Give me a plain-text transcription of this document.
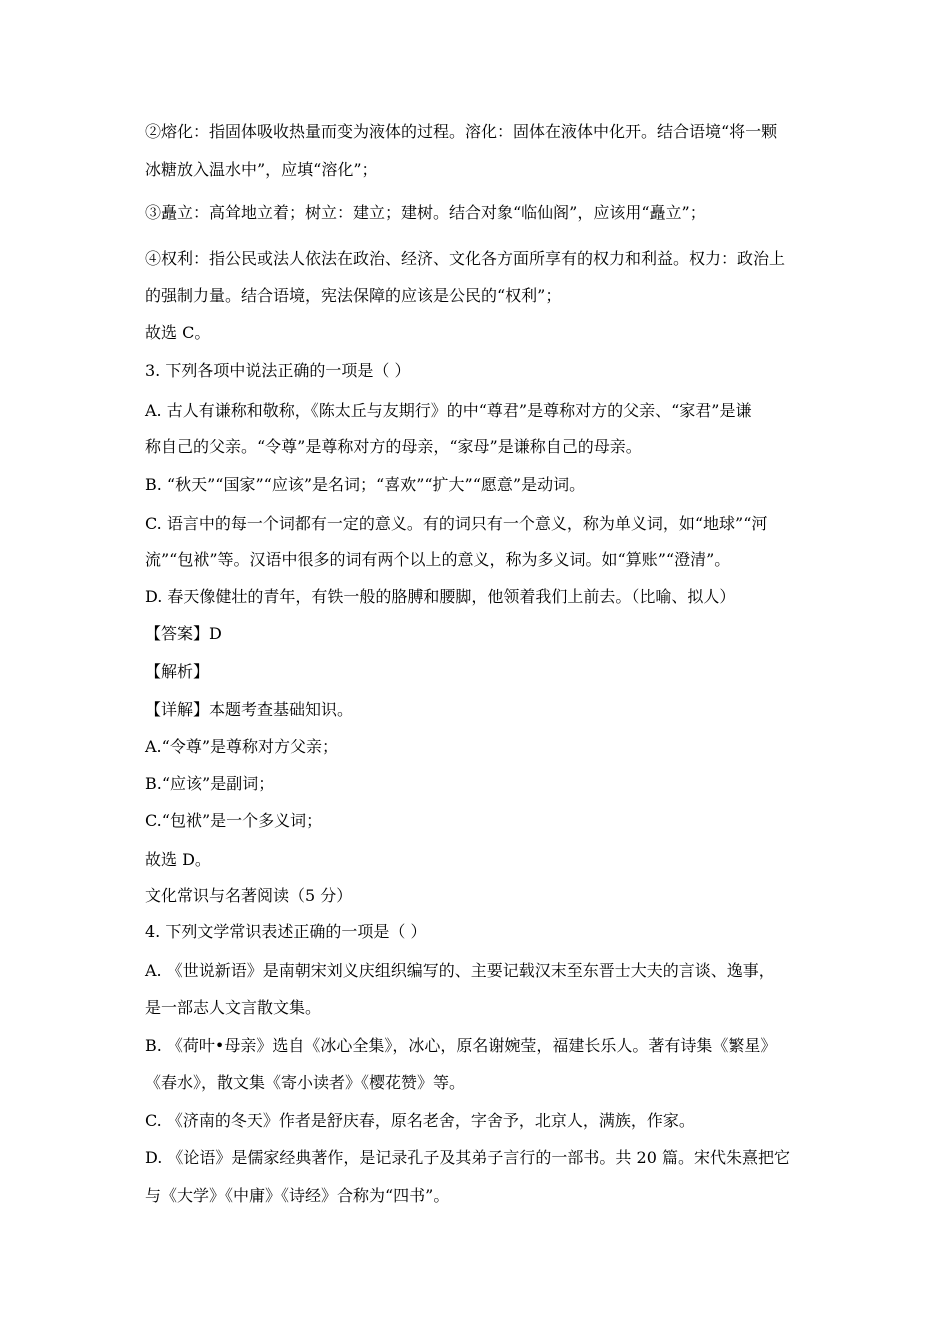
②熔化：指固体吸收热量而变为液体的过程。溶化：固体在液体中化开。结合语境“将一颗

冰糖放入温水中”，应填“溶化”；

③矗立：高耸地立着；树立：建立；建树。结合对象“临仙阁”，应该用“矗立”；

④权利：指公民或法人依法在政治、经济、文化各方面所享有的权力和利益。权力：政治上

的强制力量。结合语境，宪法保障的应该是公民的“权利”；

故选 C。

3. 下列各项中说法正确的一项是（ ）

A. 古人有谦称和敬称，《陈太丘与友期行》的中“尊君”是尊称对方的父亲、“家君”是谦

称自己的父亲。“令尊”是尊称对方的母亲，“家母”是谦称自己的母亲。

B. “秋天”“国家”“应该”是名词；“喜欢”“扩大”“愿意”是动词。

C. 语言中的每一个词都有一定的意义。有的词只有一个意义，称为单义词，如“地球”“河

流”“包袱”等。汉语中很多的词有两个以上的意义，称为多义词。如“算账”“澄清”。

D. 春天像健壮的青年，有铁一般的胳膊和腰脚，他领着我们上前去。（比喻、拟人）

【答案】D

【解析】

【详解】本题考查基础知识。

A.“令尊”是尊称对方父亲；

B.“应该”是副词；

C.“包袱”是一个多义词；

故选 D。

文化常识与名著阅读（5 分）

4. 下列文学常识表述正确的一项是（ ）

A. 《世说新语》是南朝宋刘义庆组织编写的、主要记载汉末至东晋士大夫的言谈、逸事，

是一部志人文言散文集。

B. 《荷叶•母亲》选自《冰心全集》，冰心，原名谢婉莹，福建长乐人。著有诗集《繁星》

《春水》，散文集《寄小读者》《樱花赞》等。

C. 《济南的冬天》作者是舒庆春，原名老舍，字舍予，北京人，满族，作家。

D. 《论语》是儒家经典著作，是记录孔子及其弟子言行的一部书。共 20 篇。宋代朱熹把它

与《大学》《中庸》《诗经》合称为“四书”。
